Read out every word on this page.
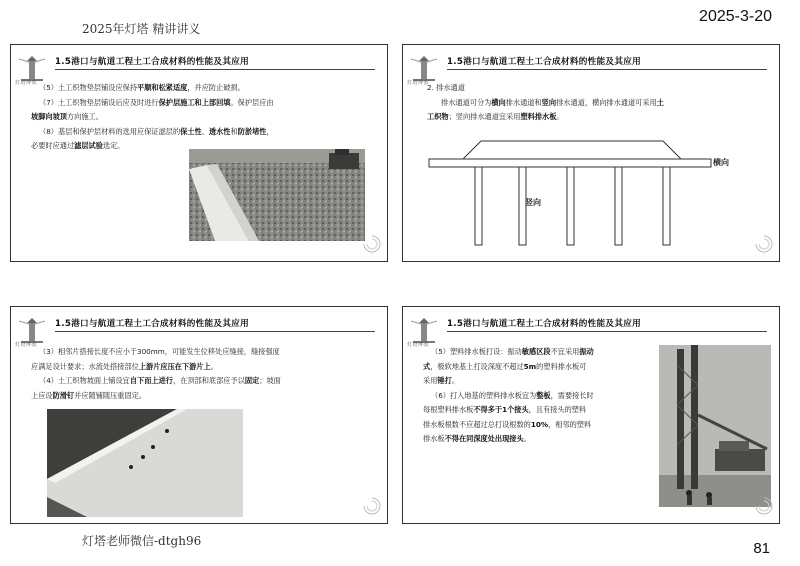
2025年灯塔 精讲讲义
2025-3-20
灯塔老师微信-dtgh96	81
灯塔博教
1.5港口与航道工程土工合成材料的性能及其应用

（5）土工织物垫层铺设应保持平顺和松紧适度，并应防止破损。

（7）土工织物垫层铺设后应及时进行保护层施工和上部回填。保护层应由

坡脚向坡顶方向施工。

（8）基层和保护层材料的选用应保证滤层的保土性、透水性和防淤堵性，

必要时应通过滤层试验选定。

灯塔博教
1.5港口与航道工程土工合成材料的性能及其应用

2. 排水通道

排水通道可分为横向排水通道和竖向排水通道，横向排水通道可采用土

工织物；竖向排水通道宜采用塑料排水板。

横向
竖向
灯塔博教
1.5港口与航道工程土工合成材料的性能及其应用

（3）相邻片搭接长度不应小于300mm，可能发生位移处应缝接，缝接强度

应满足设计要求；水流处搭接部位上游片应压在下游片上。

（4）土工织物坡面上铺设宜自下而上进行，在顶部和底部应予以固定；坡面

上应设防滑钉并应随铺随压重固定。

灯塔博教
1.5港口与航道工程土工合成材料的性能及其应用

（5）塑料排水板打设：振动敏感区段不宜采用振动

式，极软地基上打设深度不超过5m的塑料排水板可

采用锤打。

（6）打入地基的塑料排水板宜为整板，需要接长时

每根塑料排水板不得多于1个接头，且有接头的塑料

排水板根数不应超过总打设根数的10%，相邻的塑料

排水板不得在同深度处出现接头。
